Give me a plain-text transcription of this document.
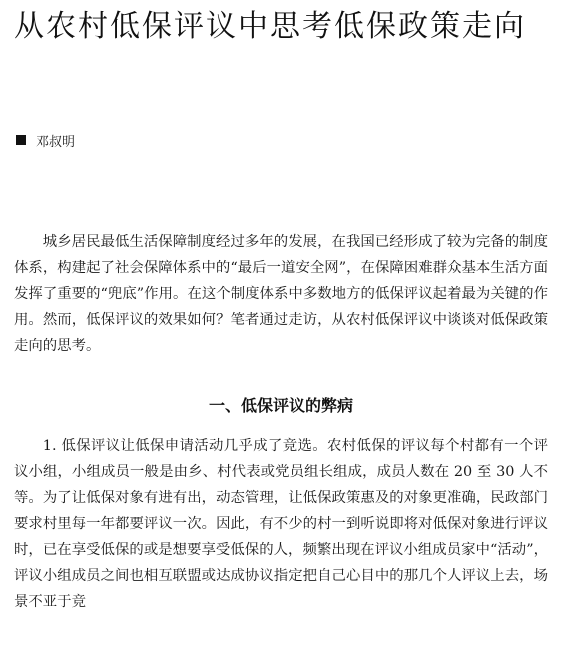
从农村低保评议中思考低保政策走向
邓叔明

城乡居民最低生活保障制度经过多年的发展，在我国已经形成了较为完备的制度体系，构建起了社会保障体系中的“最后一道安全网”，在保障困难群众基本生活方面发挥了重要的“兜底”作用。在这个制度体系中多数地方的低保评议起着最为关键的作用。然而，低保评议的效果如何？笔者通过走访，从农村低保评议中谈谈对低保政策走向的思考。

一、低保评议的弊病

1. 低保评议让低保申请活动几乎成了竞选。农村低保的评议每个村都有一个评议小组，小组成员一般是由乡、村代表或党员组长组成，成员人数在 20 至 30 人不等。为了让低保对象有进有出，动态管理，让低保政策惠及的对象更准确，民政部门要求村里每一年都要评议一次。因此，有不少的村一到听说即将对低保对象进行评议时，已在享受低保的或是想要享受低保的人，频繁出现在评议小组成员家中“活动”，评议小组成员之间也相互联盟或达成协议指定把自己心目中的那几个人评议上去，场景不亚于竞
